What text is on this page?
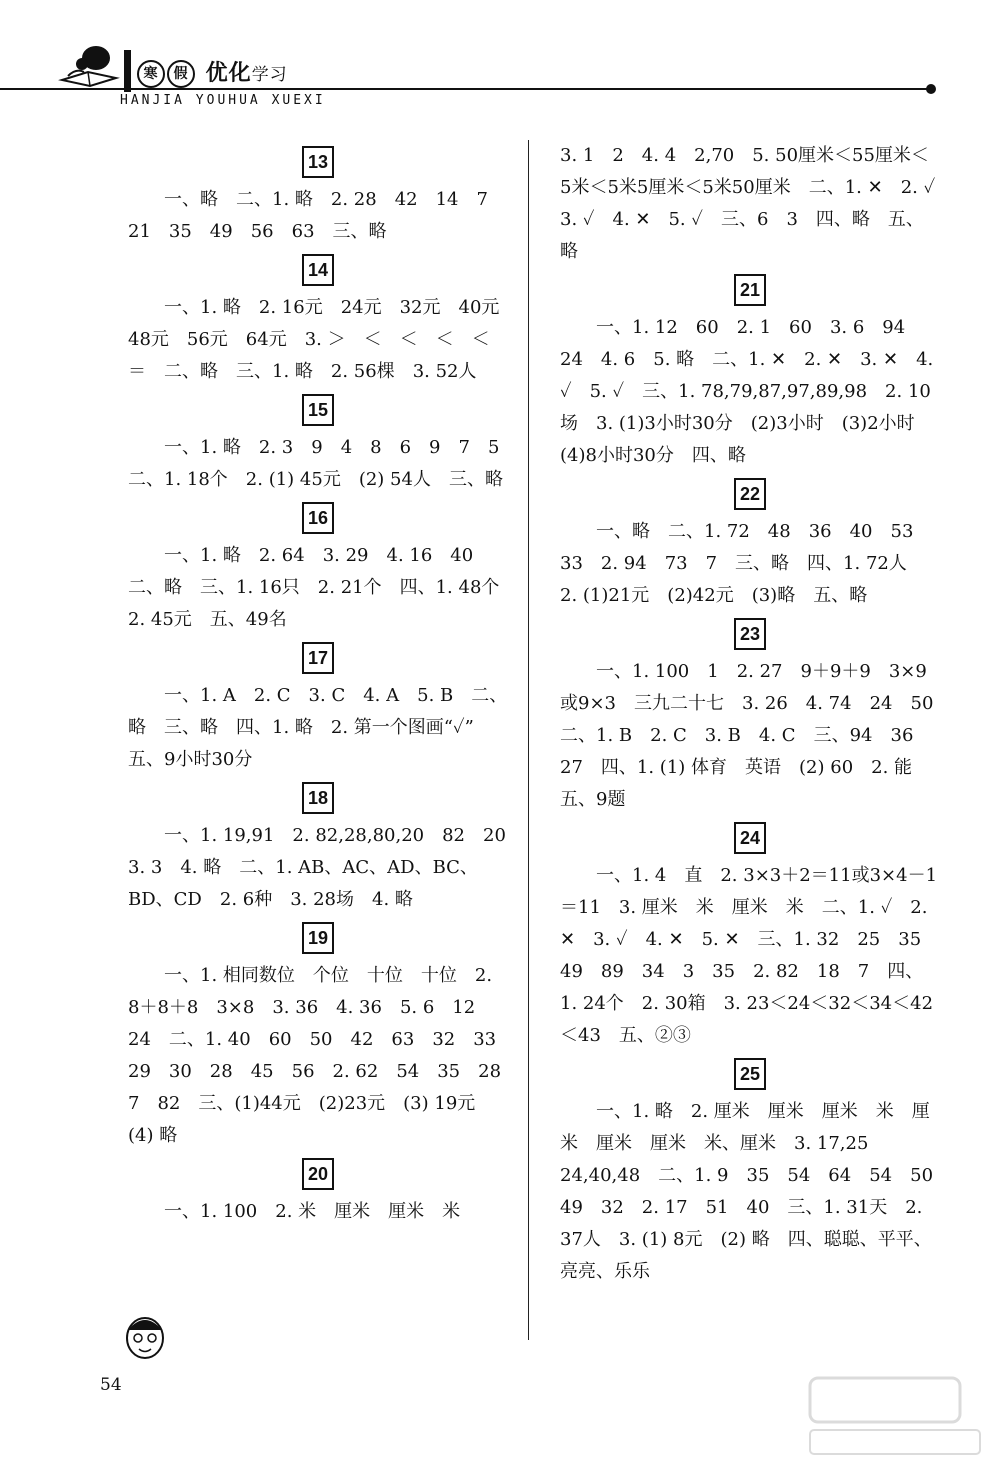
寒 假 优化学习
HANJIA YOUHUA XUEXI
13

一、略　二、1. 略　2. 28　42　14　7　21　35　49　56　63　三、略

14

一、1. 略　2. 16元　24元　32元　40元　48元　56元　64元　3. ＞　＜　＜　＜　＜　＝　二、略　三、1. 略　2. 56棵　3. 52人

15

一、1. 略　2. 3　9　4　8　6　9　7　5　二、1. 18个　2. (1) 45元　(2) 54人　三、略

16

一、1. 略　2. 64　3. 29　4. 16　40　二、略　三、1. 16只　2. 21个　四、1. 48个　2. 45元　五、49名

17

一、1. A　2. C　3. C　4. A　5. B　二、略　三、略　四、1. 略　2. 第一个图画“✓”　五、9小时30分

18

一、1. 19,91　2. 82,28,80,20　82　20　3. 3　4. 略　二、1. AB、AC、AD、BC、BD、CD　2. 6种　3. 28场　4. 略

19

一、1. 相同数位　个位　十位　十位　2. 8＋8＋8　3×8　3. 36　4. 36　5. 6　12　24　二、1. 40　60　50　42　63　32　33　29　30　28　45　56　2. 62　54　35　28　7　82　三、(1)44元　(2)23元　(3) 19元　(4) 略

20

一、1. 100　2. 米　厘米　厘米　米

3. 1　2　4. 4　2,70　5. 50厘米＜55厘米＜5米＜5米5厘米＜5米50厘米　二、1. ✕　2. ✓　3. ✓　4. ✕　5. ✓　三、6　3　四、略　五、略

21

一、1. 12　60　2. 1　60　3. 6　94　24　4. 6　5. 略　二、1. ✕　2. ✕　3. ✕　4. ✓　5. ✓　三、1. 78,79,87,97,89,98　2. 10场　3. (1)3小时30分　(2)3小时　(3)2小时　(4)8小时30分　四、略

22

一、略　二、1. 72　48　36　40　53　33　2. 94　73　7　三、略　四、1. 72人　2. (1)21元　(2)42元　(3)略　五、略

23

一、1. 100　1　2. 27　9＋9＋9　3×9或9×3　三九二十七　3. 26　4. 74　24　50　二、1. B　2. C　3. B　4. C　三、94　36　27　四、1. (1) 体育　英语　(2) 60　2. 能　五、9题

24

一、1. 4　直　2. 3×3＋2＝11或3×4－1＝11　3. 厘米　米　厘米　米　二、1. ✓　2. ✕　3. ✓　4. ✕　5. ✕　三、1. 32　25　35　49　89　34　3　35　2. 82　18　7　四、1. 24个　2. 30箱　3. 23＜24＜32＜34＜42＜43　五、②③

25

一、1. 略　2. 厘米　厘米　厘米　米　厘米　厘米　厘米　米、厘米　3. 17,25　24,40,48　二、1. 9　35　54　64　54　50　49　32　2. 17　51　40　三、1. 31天　2. 37人　3. (1) 8元　(2) 略　四、聪聪、平平、亮亮、乐乐

54
